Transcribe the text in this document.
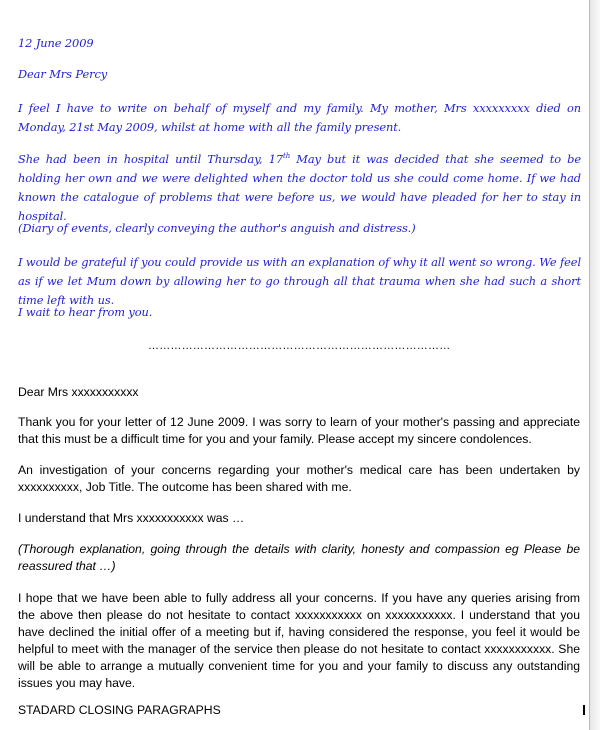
12 June 2009

Dear Mrs Percy

I feel I have to write on behalf of myself and my family. My mother, Mrs xxxxxxxxx died on Monday, 21st May 2009, whilst at home with all the family present.

She had been in hospital until Thursday, 17th May but it was decided that she seemed to be holding her own and we were delighted when the doctor told us she could come home. If we had known the catalogue of problems that were before us, we would have pleaded for her to stay in hospital.

(Diary of events, clearly conveying the author's anguish and distress.)

I would be grateful if you could provide us with an explanation of why it all went so wrong. We feel as if we let Mum down by allowing her to go through all that trauma when she had such a short time left with us.

I wait to hear from you.

………………………………………………………………………

Dear Mrs xxxxxxxxxxx

Thank you for your letter of 12 June 2009. I was sorry to learn of your mother's passing and appreciate that this must be a difficult time for you and your family. Please accept my sincere condolences.

An investigation of your concerns regarding your mother's medical care has been undertaken by xxxxxxxxxx, Job Title. The outcome has been shared with me.

I understand that Mrs xxxxxxxxxxx was …

(Thorough explanation, going through the details with clarity, honesty and compassion eg Please be reassured that …)

I hope that we have been able to fully address all your concerns. If you have any queries arising from the above then please do not hesitate to contact xxxxxxxxxxx on xxxxxxxxxxx. I understand that you have declined the initial offer of a meeting but if, having considered the response, you feel it would be helpful to meet with the manager of the service then please do not hesitate to contact xxxxxxxxxxx. She will be able to arrange a mutually convenient time for you and your family to discuss any outstanding issues you may have.

STADARD CLOSING PARAGRAPHS
